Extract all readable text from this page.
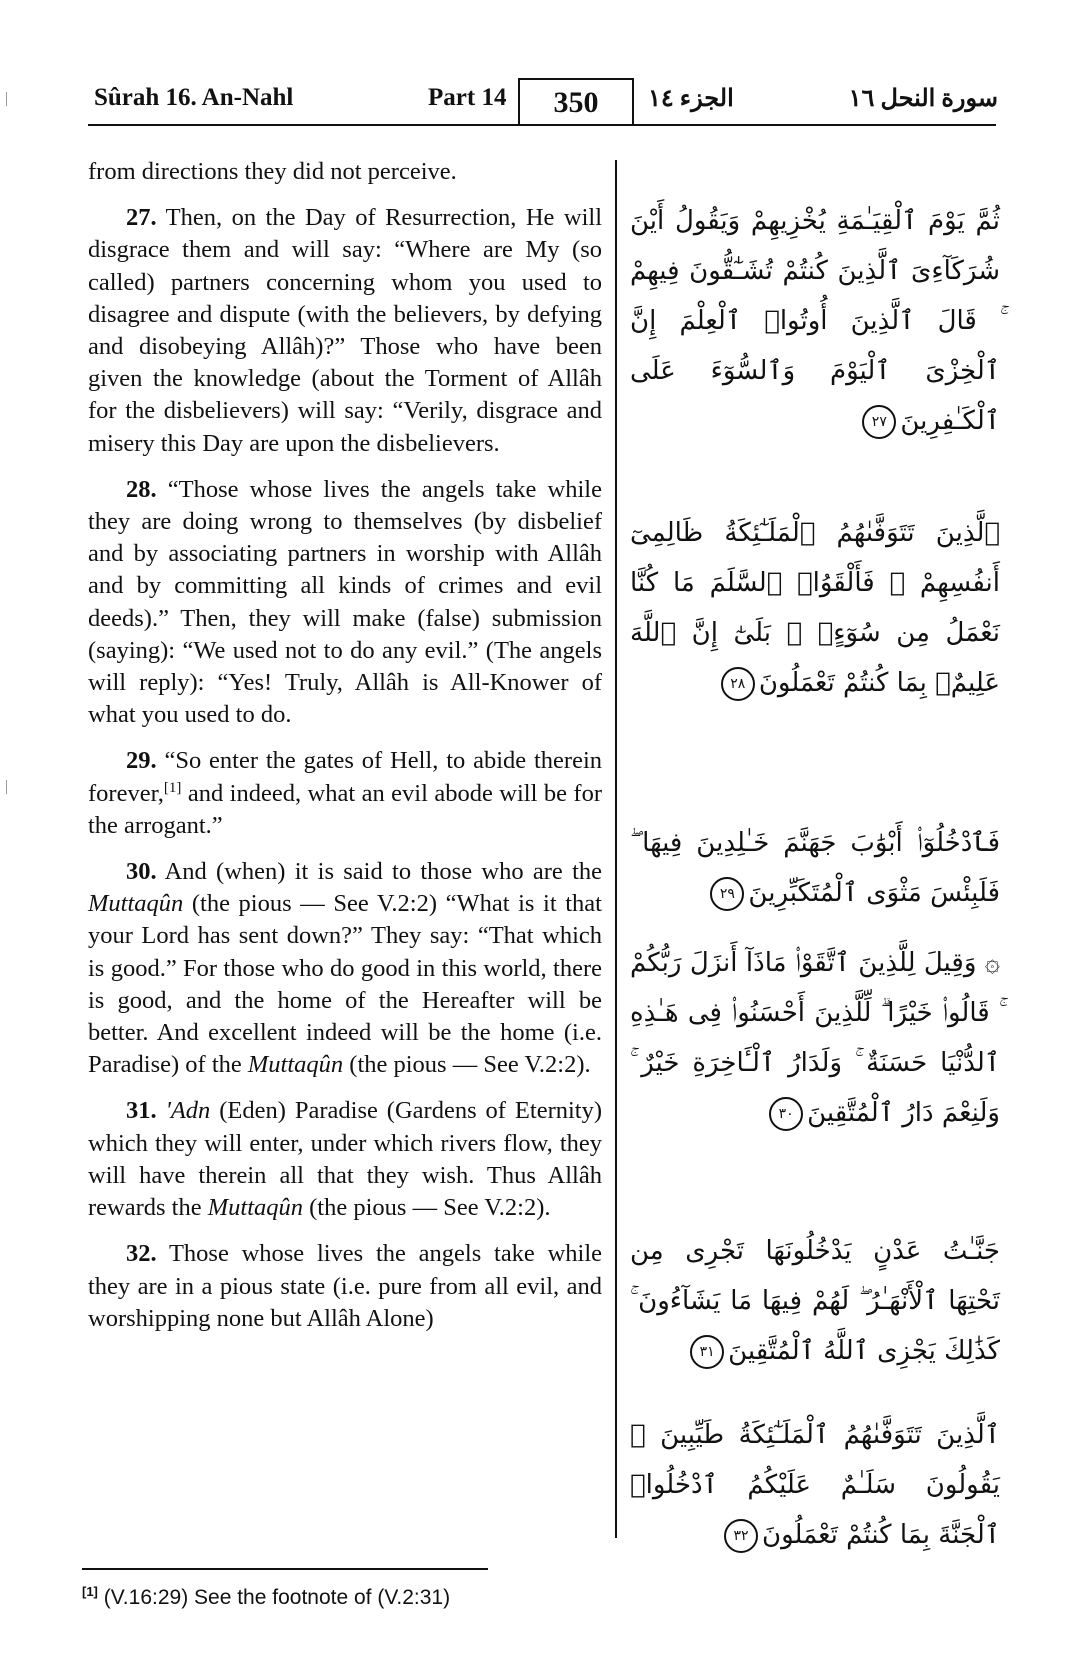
Sûrah 16. An-Nahl	Part 14	350	الجزء ١٤	سورة النحل ١٦

from directions they did not perceive.

27. Then, on the Day of Resurrection, He will disgrace them and will say: “Where are My (so called) partners concerning whom you used to disagree and dispute (with the believers, by defying and disobeying Allâh)?” Those who have been given the knowledge (about the Torment of Allâh for the disbelievers) will say: “Verily, disgrace and misery this Day are upon the disbelievers.

28. “Those whose lives the angels take while they are doing wrong to themselves (by disbelief and by associating partners in worship with Allâh and by committing all kinds of crimes and evil deeds).” Then, they will make (false) submission (saying): “We used not to do any evil.” (The angels will reply): “Yes! Truly, Allâh is All-Knower of what you used to do.

29. “So enter the gates of Hell, to abide therein forever,[1] and indeed, what an evil abode will be for the arrogant.”

30. And (when) it is said to those who are the Muttaqûn (the pious — See V.2:2) “What is it that your Lord has sent down?” They say: “That which is good.” For those who do good in this world, there is good, and the home of the Hereafter will be better. And excellent indeed will be the home (i.e. Paradise) of the Muttaqûn (the pious — See V.2:2).

31. 'Adn (Eden) Paradise (Gardens of Eternity) which they will enter, under which rivers flow, they will have therein all that they wish. Thus Allâh rewards the Muttaqûn (the pious — See V.2:2).

32. Those whose lives the angels take while they are in a pious state (i.e. pure from all evil, and worshipping none but Allâh Alone)

ثُمَّ يَوْمَ ٱلْقِيَـٰمَةِ يُخْزِيهِمْ وَيَقُولُ أَيْنَ شُرَكَآءِىَ ٱلَّذِينَ كُنتُمْ تُشَـٰٓقُّونَ فِيهِمْ ۚ قَالَ ٱلَّذِينَ أُوتُوا۟ ٱلْعِلْمَ إِنَّ ٱلْخِزْىَ ٱلْيَوْمَ وَٱلسُّوٓءَ عَلَى ٱلْكَـٰفِرِينَ٢٧
ٱلَّذِينَ تَتَوَفَّىٰهُمُ ٱلْمَلَـٰٓئِكَةُ ظَالِمِىٓ أَنفُسِهِمْ ۖ فَأَلْقَوُا۟ ٱلسَّلَمَ مَا كُنَّا نَعْمَلُ مِن سُوٓءٍۭ ۚ بَلَىٰٓ إِنَّ ٱللَّهَ عَلِيمٌۢ بِمَا كُنتُمْ تَعْمَلُونَ٢٨
فَٱدْخُلُوٓا۟ أَبْوَٰبَ جَهَنَّمَ خَـٰلِدِينَ فِيهَا ۖ فَلَبِئْسَ مَثْوَى ٱلْمُتَكَبِّرِينَ٢٩
۞ وَقِيلَ لِلَّذِينَ ٱتَّقَوْا۟ مَاذَآ أَنزَلَ رَبُّكُمْ ۚ قَالُوا۟ خَيْرًا ۗ لِّلَّذِينَ أَحْسَنُوا۟ فِى هَـٰذِهِ ٱلدُّنْيَا حَسَنَةٌ ۚ وَلَدَارُ ٱلْـَٔاخِرَةِ خَيْرٌ ۚ وَلَنِعْمَ دَارُ ٱلْمُتَّقِينَ٣٠
جَنَّـٰتُ عَدْنٍ يَدْخُلُونَهَا تَجْرِى مِن تَحْتِهَا ٱلْأَنْهَـٰرُ ۖ لَهُمْ فِيهَا مَا يَشَآءُونَ ۚ كَذَٰلِكَ يَجْزِى ٱللَّهُ ٱلْمُتَّقِينَ٣١
ٱلَّذِينَ تَتَوَفَّىٰهُمُ ٱلْمَلَـٰٓئِكَةُ طَيِّبِينَ ۙ يَقُولُونَ سَلَـٰمٌ عَلَيْكُمُ ٱدْخُلُوا۟ ٱلْجَنَّةَ بِمَا كُنتُمْ تَعْمَلُونَ٣٢
[1] (V.16:29) See the footnote of (V.2:31)
